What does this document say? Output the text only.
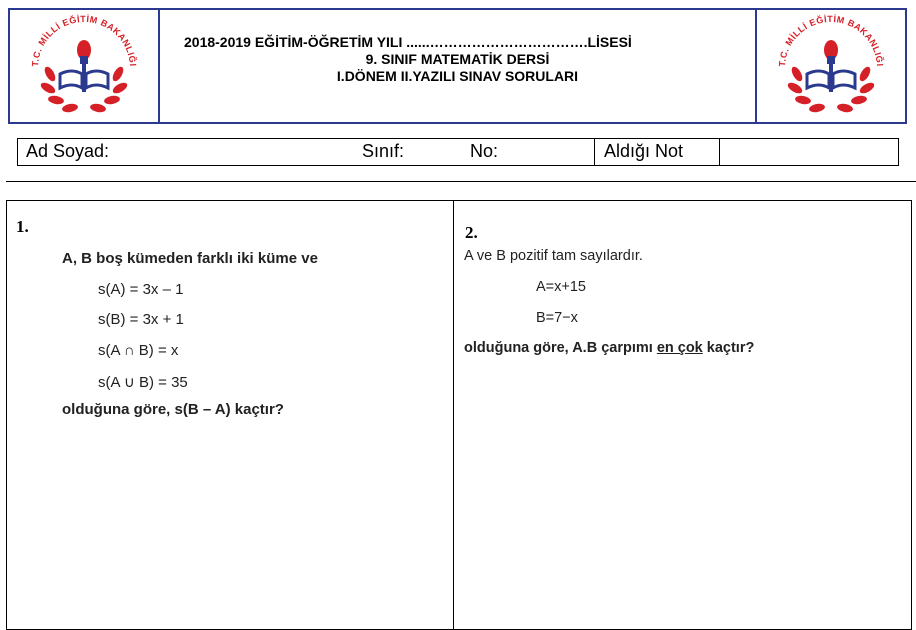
T.C. MİLLİ EĞİTİM BAKANLIĞI
2018-2019 EĞİTİM-ÖĞRETİM YILI ......…………………………….LİSESİ
9. SINIF MATEMATİK DERSİ
I.DÖNEM II.YAZILI SINAV SORULARI
T.C. MİLLİ EĞİTİM BAKANLIĞI
Ad Soyad:	Sınıf:	No:	Aldığı Not
1.	2.
A, B boş kümeden farklı iki küme ve
s(A) = 3x – 1
s(B) = 3x + 1
s(A ∩ B) = x
s(A ∪ B) = 35
olduğuna göre, s(B – A) kaçtır?
A ve B pozitif tam sayılardır.
A=x+15
B=7−x
olduğuna göre, A.B çarpımı en çok kaçtır?
